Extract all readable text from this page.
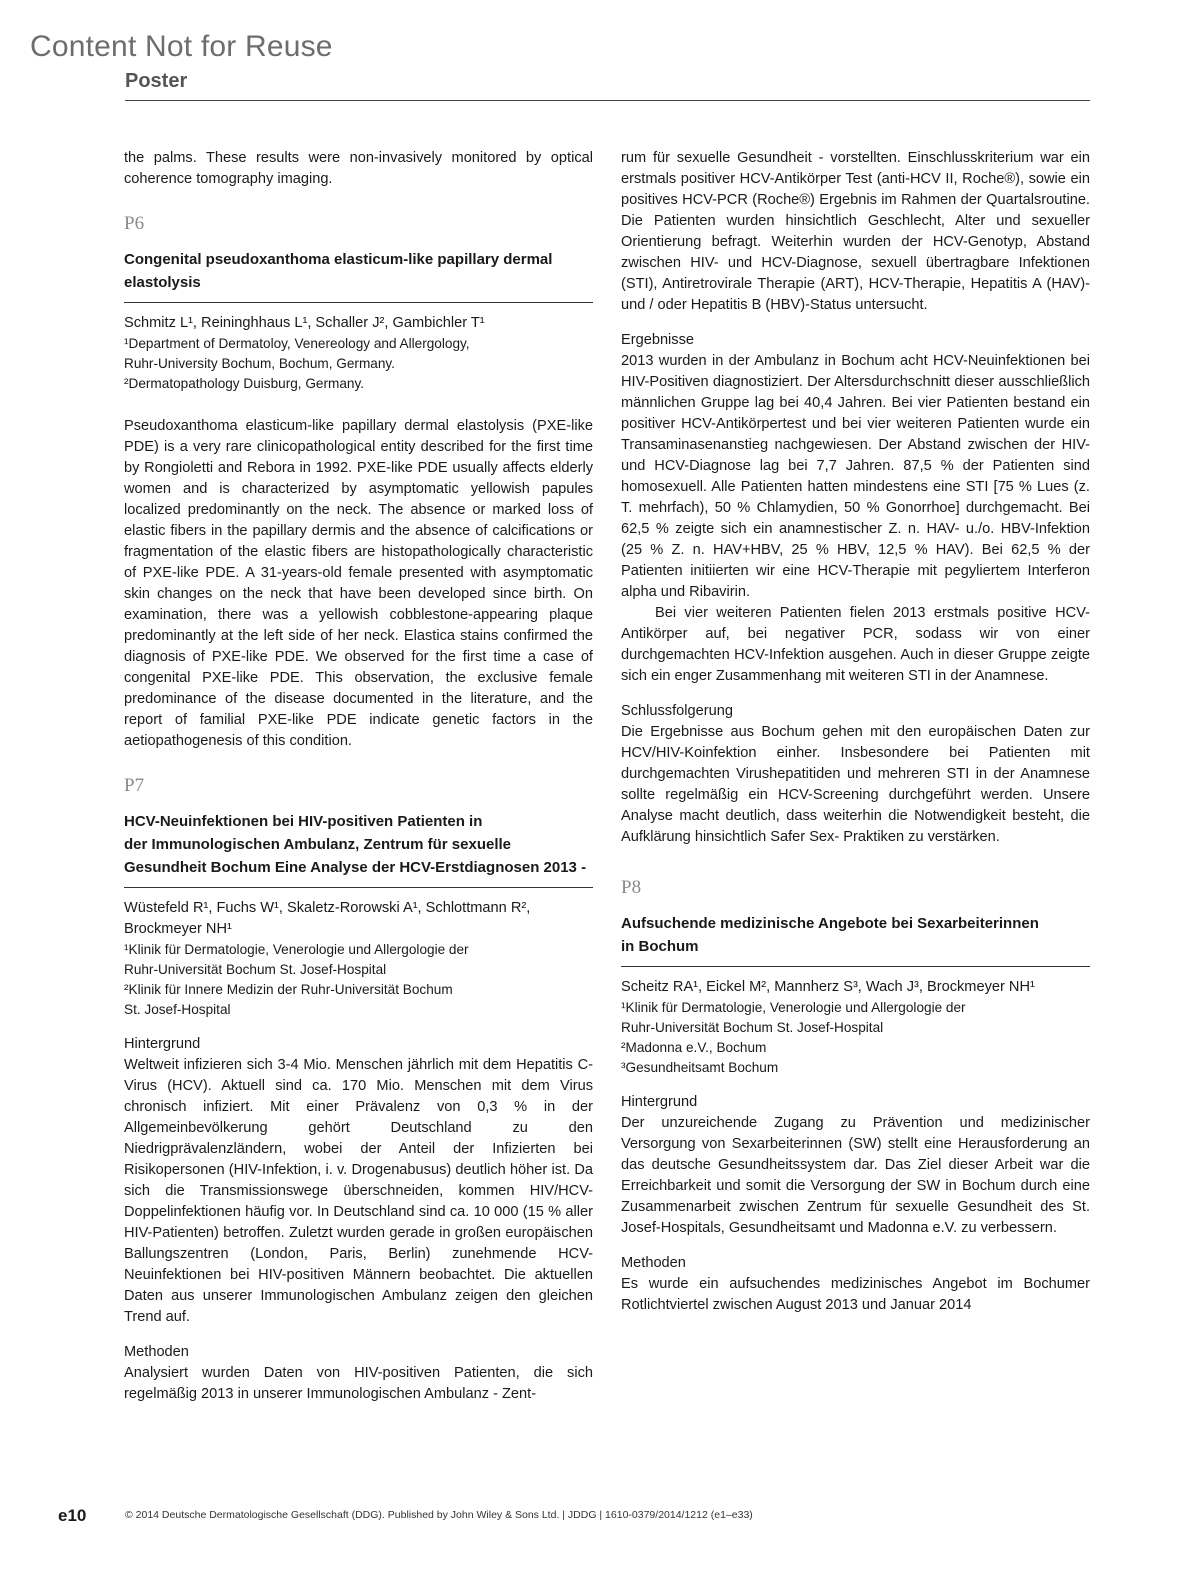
Content Not for Reuse
Poster

the palms. These results were non-invasively monitored by optical coherence tomography imaging.

P6
Congenital pseudoxanthoma elasticum-like papillary dermal elastolysis
Schmitz L¹, Reininghhaus L¹, Schaller J², Gambichler T¹
¹Department of Dermatoloy, Venereology and Allergology,
Ruhr-University Bochum, Bochum, Germany.
²Dermatopathology Duisburg, Germany.

Pseudoxanthoma elasticum-like papillary dermal elastolysis (PXE-like PDE) is a very rare clinicopathological entity described for the first time by Rongioletti and Rebora in 1992. PXE-like PDE usually affects elderly women and is characterized by asymptomatic yellowish papules localized predominantly on the neck. The absence or marked loss of elastic fibers in the papillary dermis and the absence of calcifications or fragmentation of the elastic fibers are histopathologically characteristic of PXE-like PDE. A 31-years-old female presented with asymptomatic skin changes on the neck that have been developed since birth. On examination, there was a yellowish cobblestone-appearing plaque predominantly at the left side of her neck. Elastica stains confirmed the diagnosis of PXE-like PDE. We observed for the first time a case of congenital PXE-like PDE. This observation, the exclusive female predominance of the disease documented in the literature, and the report of familial PXE-like PDE indicate genetic factors in the aetiopathogenesis of this condition.

P7
HCV-Neuinfektionen bei HIV-positiven Patienten in
der Immunologischen Ambulanz, Zentrum für sexuelle
Gesundheit Bochum Eine Analyse der HCV-Erstdiagnosen 2013 -
Wüstefeld R¹, Fuchs W¹, Skaletz-Rorowski A¹, Schlottmann R², Brockmeyer NH¹
¹Klinik für Dermatologie, Venerologie und Allergologie der
Ruhr-Universität Bochum St. Josef-Hospital
²Klinik für Innere Medizin der Ruhr-Universität Bochum
St. Josef-Hospital
Hintergrund

Weltweit infizieren sich 3-4 Mio. Menschen jährlich mit dem Hepatitis C-Virus (HCV). Aktuell sind ca. 170 Mio. Menschen mit dem Virus chronisch infiziert. Mit einer Prävalenz von 0,3 % in der Allgemeinbevölkerung gehört Deutschland zu den Niedrigprävalenzländern, wobei der Anteil der Infizierten bei Risikopersonen (HIV-Infektion, i. v. Drogenabusus) deutlich höher ist. Da sich die Transmissionswege überschneiden, kommen HIV/HCV-Doppelinfektionen häufig vor. In Deutschland sind ca. 10 000 (15 % aller HIV-Patienten) betroffen. Zuletzt wurden gerade in großen europäischen Ballungszentren (London, Paris, Berlin) zunehmende HCV-Neuinfektionen bei HIV-positiven Männern beobachtet. Die aktuellen Daten aus unserer Immunologischen Ambulanz zeigen den gleichen Trend auf.

Methoden

Analysiert wurden Daten von HIV-positiven Patienten, die sich regelmäßig 2013 in unserer Immunologischen Ambulanz - Zent-

rum für sexuelle Gesundheit - vorstellten. Einschlusskriterium war ein erstmals positiver HCV-Antikörper Test (anti-HCV II, Roche®), sowie ein positives HCV-PCR (Roche®) Ergebnis im Rahmen der Quartalsroutine. Die Patienten wurden hinsichtlich Geschlecht, Alter und sexueller Orientierung befragt. Weiterhin wurden der HCV-Genotyp, Abstand zwischen HIV- und HCV-Diagnose, sexuell übertragbare Infektionen (STI), Antiretrovirale Therapie (ART), HCV-Therapie, Hepatitis A (HAV)- und / oder Hepatitis B (HBV)-Status untersucht.

Ergebnisse

2013 wurden in der Ambulanz in Bochum acht HCV-Neuinfektionen bei HIV-Positiven diagnostiziert. Der Altersdurchschnitt dieser ausschließlich männlichen Gruppe lag bei 40,4 Jahren. Bei vier Patienten bestand ein positiver HCV-Antikörpertest und bei vier weiteren Patienten wurde ein Transaminasenanstieg nachgewiesen. Der Abstand zwischen der HIV- und HCV-Diagnose lag bei 7,7 Jahren. 87,5 % der Patienten sind homosexuell. Alle Patienten hatten mindestens eine STI [75 % Lues (z. T. mehrfach), 50 % Chlamydien, 50 % Gonorrhoe] durchgemacht. Bei 62,5 % zeigte sich ein anamnestischer Z. n. HAV- u./o. HBV-Infektion (25 % Z. n. HAV+HBV, 25 % HBV, 12,5 % HAV). Bei 62,5 % der Patienten initiierten wir eine HCV-Therapie mit pegyliertem Interferon alpha und Ribavirin.

Bei vier weiteren Patienten fielen 2013 erstmals positive HCV-Antikörper auf, bei negativer PCR, sodass wir von einer durchgemachten HCV-Infektion ausgehen. Auch in dieser Gruppe zeigte sich ein enger Zusammenhang mit weiteren STI in der Anamnese.

Schlussfolgerung

Die Ergebnisse aus Bochum gehen mit den europäischen Daten zur HCV/HIV-Koinfektion einher. Insbesondere bei Patienten mit durchgemachten Virushepatitiden und mehreren STI in der Anamnese sollte regelmäßig ein HCV-Screening durchgeführt werden. Unsere Analyse macht deutlich, dass weiterhin die Notwendigkeit besteht, die Aufklärung hinsichtlich Safer Sex- Praktiken zu verstärken.

P8
Aufsuchende medizinische Angebote bei Sexarbeiterinnen
in Bochum
Scheitz RA¹, Eickel M², Mannherz S³, Wach J³, Brockmeyer NH¹
¹Klinik für Dermatologie, Venerologie und Allergologie der
Ruhr-Universität Bochum St. Josef-Hospital
²Madonna e.V., Bochum
³Gesundheitsamt Bochum
Hintergrund

Der unzureichende Zugang zu Prävention und medizinischer Versorgung von Sexarbeiterinnen (SW) stellt eine Herausforderung an das deutsche Gesundheitssystem dar. Das Ziel dieser Arbeit war die Erreichbarkeit und somit die Versorgung der SW in Bochum durch eine Zusammenarbeit zwischen Zentrum für sexuelle Gesundheit des St. Josef-Hospitals, Gesundheitsamt und Madonna e.V. zu verbessern.

Methoden

Es wurde ein aufsuchendes medizinisches Angebot im Bochumer Rotlichtviertel zwischen August 2013 und Januar 2014

e10	© 2014 Deutsche Dermatologische Gesellschaft (DDG). Published by John Wiley & Sons Ltd. | JDDG | 1610-0379/2014/1212 (e1–e33)
